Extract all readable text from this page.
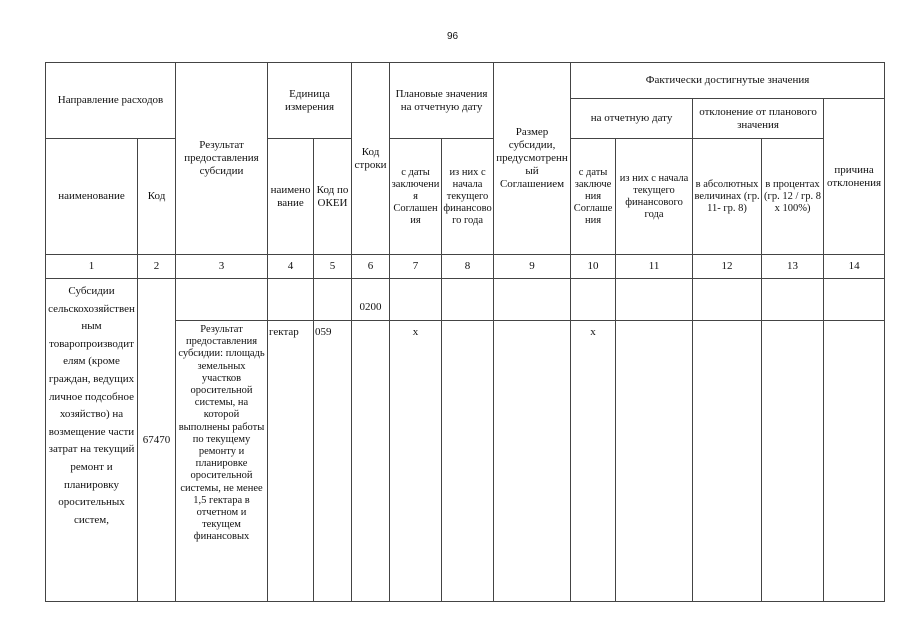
96
Направление расходов		Результат предоставления субсидии	Единица измерения		Код строки	Плановые значения на отчетную дату		Размер субсидии, предусмотренный Соглашением	Фактически достигнутые значения				
									на отчетную дату		отклонение от планового значения		причина отклонения
наименование	Код		наименование	Код по ОКЕИ		с даты заключения Соглашения	из них с начала текущего финансового года		с даты заключения Соглашения	из них с начала текущего финансового года	в абсолютных величинах (гр. 11- гр. 8)	в процентах (гр. 12 / гр. 8 х 100%)	
1	2	3	4	5	6	7	8	9	10	11	12	13	14
Субсидии сельскохозяйственным товаропроизводителям (кроме граждан, ведущих личное подсобное хозяйство) на возмещение части затрат на текущий ремонт и планировку оросительных систем,	67470				0200								
		Результат предоставления субсидии: площадь земельных участков оросительной системы, на которой выполнены работы по текущему ремонту и планировке оросительной системы, не менее 1,5 гектара в отчетном и текущем финансовых	гектар	059		x			x				
